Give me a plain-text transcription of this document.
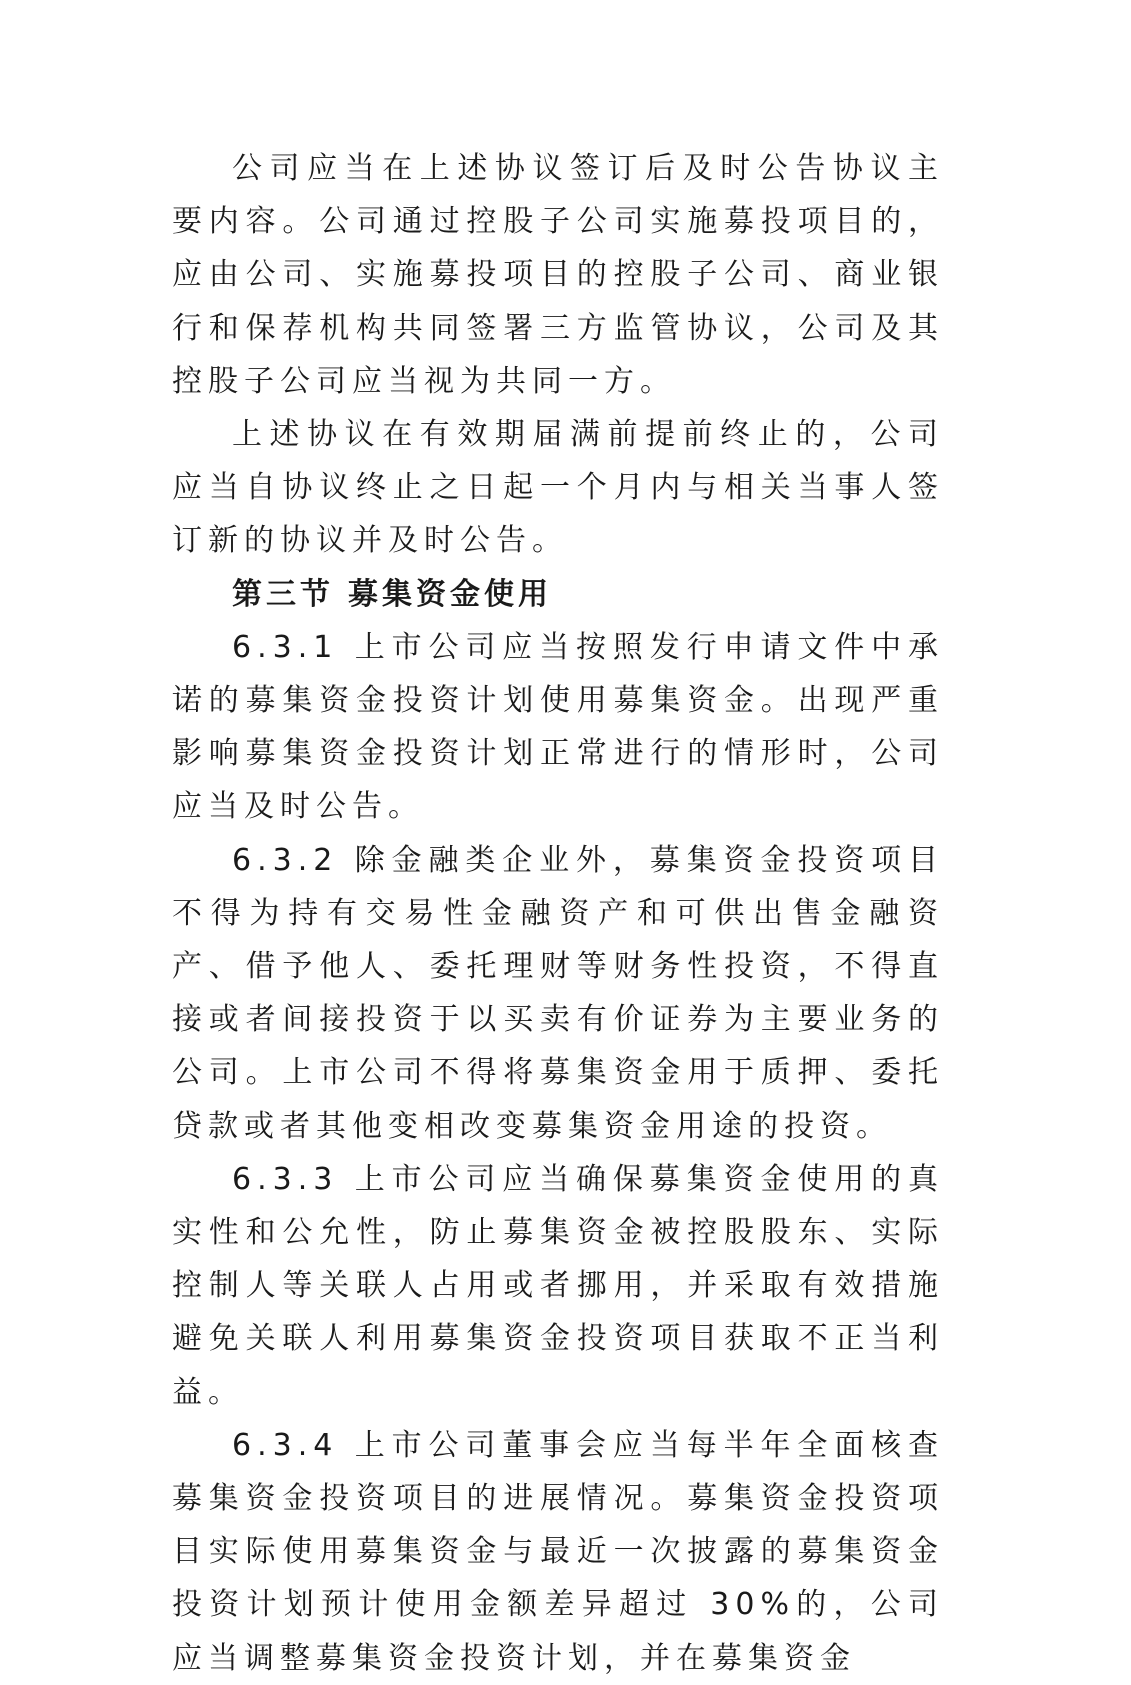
公司应当在上述协议签订后及时公告协议主要内容。公司通过控股子公司实施募投项目的，应由公司、实施募投项目的控股子公司、商业银行和保荐机构共同签署三方监管协议，公司及其控股子公司应当视为共同一方。

上述协议在有效期届满前提前终止的，公司应当自协议终止之日起一个月内与相关当事人签订新的协议并及时公告。

第三节 募集资金使用

6.3.1 上市公司应当按照发行申请文件中承诺的募集资金投资计划使用募集资金。出现严重影响募集资金投资计划正常进行的情形时，公司应当及时公告。

6.3.2 除金融类企业外，募集资金投资项目不得为持有交易性金融资产和可供出售金融资产、借予他人、委托理财等财务性投资，不得直接或者间接投资于以买卖有价证券为主要业务的公司。上市公司不得将募集资金用于质押、委托贷款或者其他变相改变募集资金用途的投资。

6.3.3 上市公司应当确保募集资金使用的真实性和公允性，防止募集资金被控股股东、实际控制人等关联人占用或者挪用，并采取有效措施避免关联人利用募集资金投资项目获取不正当利益。

6.3.4 上市公司董事会应当每半年全面核查募集资金投资项目的进展情况。募集资金投资项目实际使用募集资金与最近一次披露的募集资金投资计划预计使用金额差异超过 30%的，公司应当调整募集资金投资计划，并在募集资金
